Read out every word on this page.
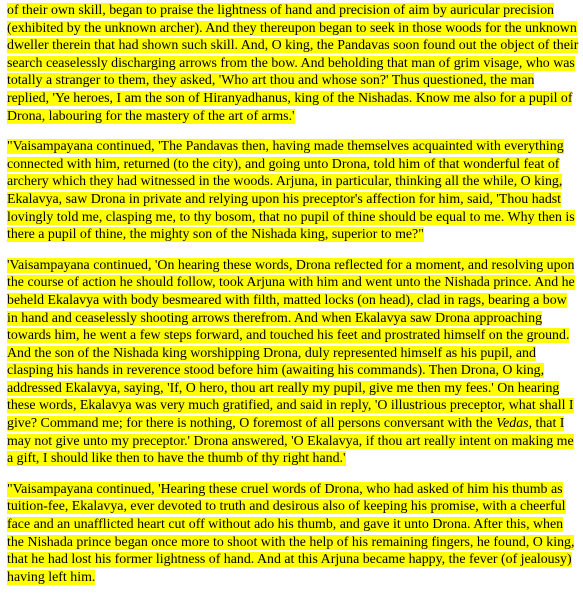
of their own skill, began to praise the lightness of hand and precision of aim by auricular precision (exhibited by the unknown archer). And they thereupon began to seek in those woods for the unknown dweller therein that had shown such skill. And, O king, the Pandavas soon found out the object of their search ceaselessly discharging arrows from the bow. And beholding that man of grim visage, who was totally a stranger to them, they asked, 'Who art thou and whose son?' Thus questioned, the man replied, 'Ye heroes, I am the son of Hiranyadhanus, king of the Nishadas. Know me also for a pupil of Drona, labouring for the mastery of the art of arms.'

"Vaisampayana continued, 'The Pandavas then, having made themselves acquainted with everything connected with him, returned (to the city), and going unto Drona, told him of that wonderful feat of archery which they had witnessed in the woods. Arjuna, in particular, thinking all the while, O king, Ekalavya, saw Drona in private and relying upon his preceptor's affection for him, said, 'Thou hadst lovingly told me, clasping me, to thy bosom, that no pupil of thine should be equal to me. Why then is there a pupil of thine, the mighty son of the Nishada king, superior to me?"

'Vaisampayana continued, 'On hearing these words, Drona reflected for a moment, and resolving upon the course of action he should follow, took Arjuna with him and went unto the Nishada prince. And he beheld Ekalavya with body besmeared with filth, matted locks (on head), clad in rags, bearing a bow in hand and ceaselessly shooting arrows therefrom. And when Ekalavya saw Drona approaching towards him, he went a few steps forward, and touched his feet and prostrated himself on the ground. And the son of the Nishada king worshipping Drona, duly represented himself as his pupil, and clasping his hands in reverence stood before him (awaiting his commands). Then Drona, O king, addressed Ekalavya, saying, 'If, O hero, thou art really my pupil, give me then my fees.' On hearing these words, Ekalavya was very much gratified, and said in reply, 'O illustrious preceptor, what shall I give? Command me; for there is nothing, O foremost of all persons conversant with the Vedas, that I may not give unto my preceptor.' Drona answered, 'O Ekalavya, if thou art really intent on making me a gift, I should like then to have the thumb of thy right hand.'

"Vaisampayana continued, 'Hearing these cruel words of Drona, who had asked of him his thumb as tuition-fee, Ekalavya, ever devoted to truth and desirous also of keeping his promise, with a cheerful face and an unafflicted heart cut off without ado his thumb, and gave it unto Drona. After this, when the Nishada prince began once more to shoot with the help of his remaining fingers, he found, O king, that he had lost his former lightness of hand. And at this Arjuna became happy, the fever (of jealousy) having left him.
